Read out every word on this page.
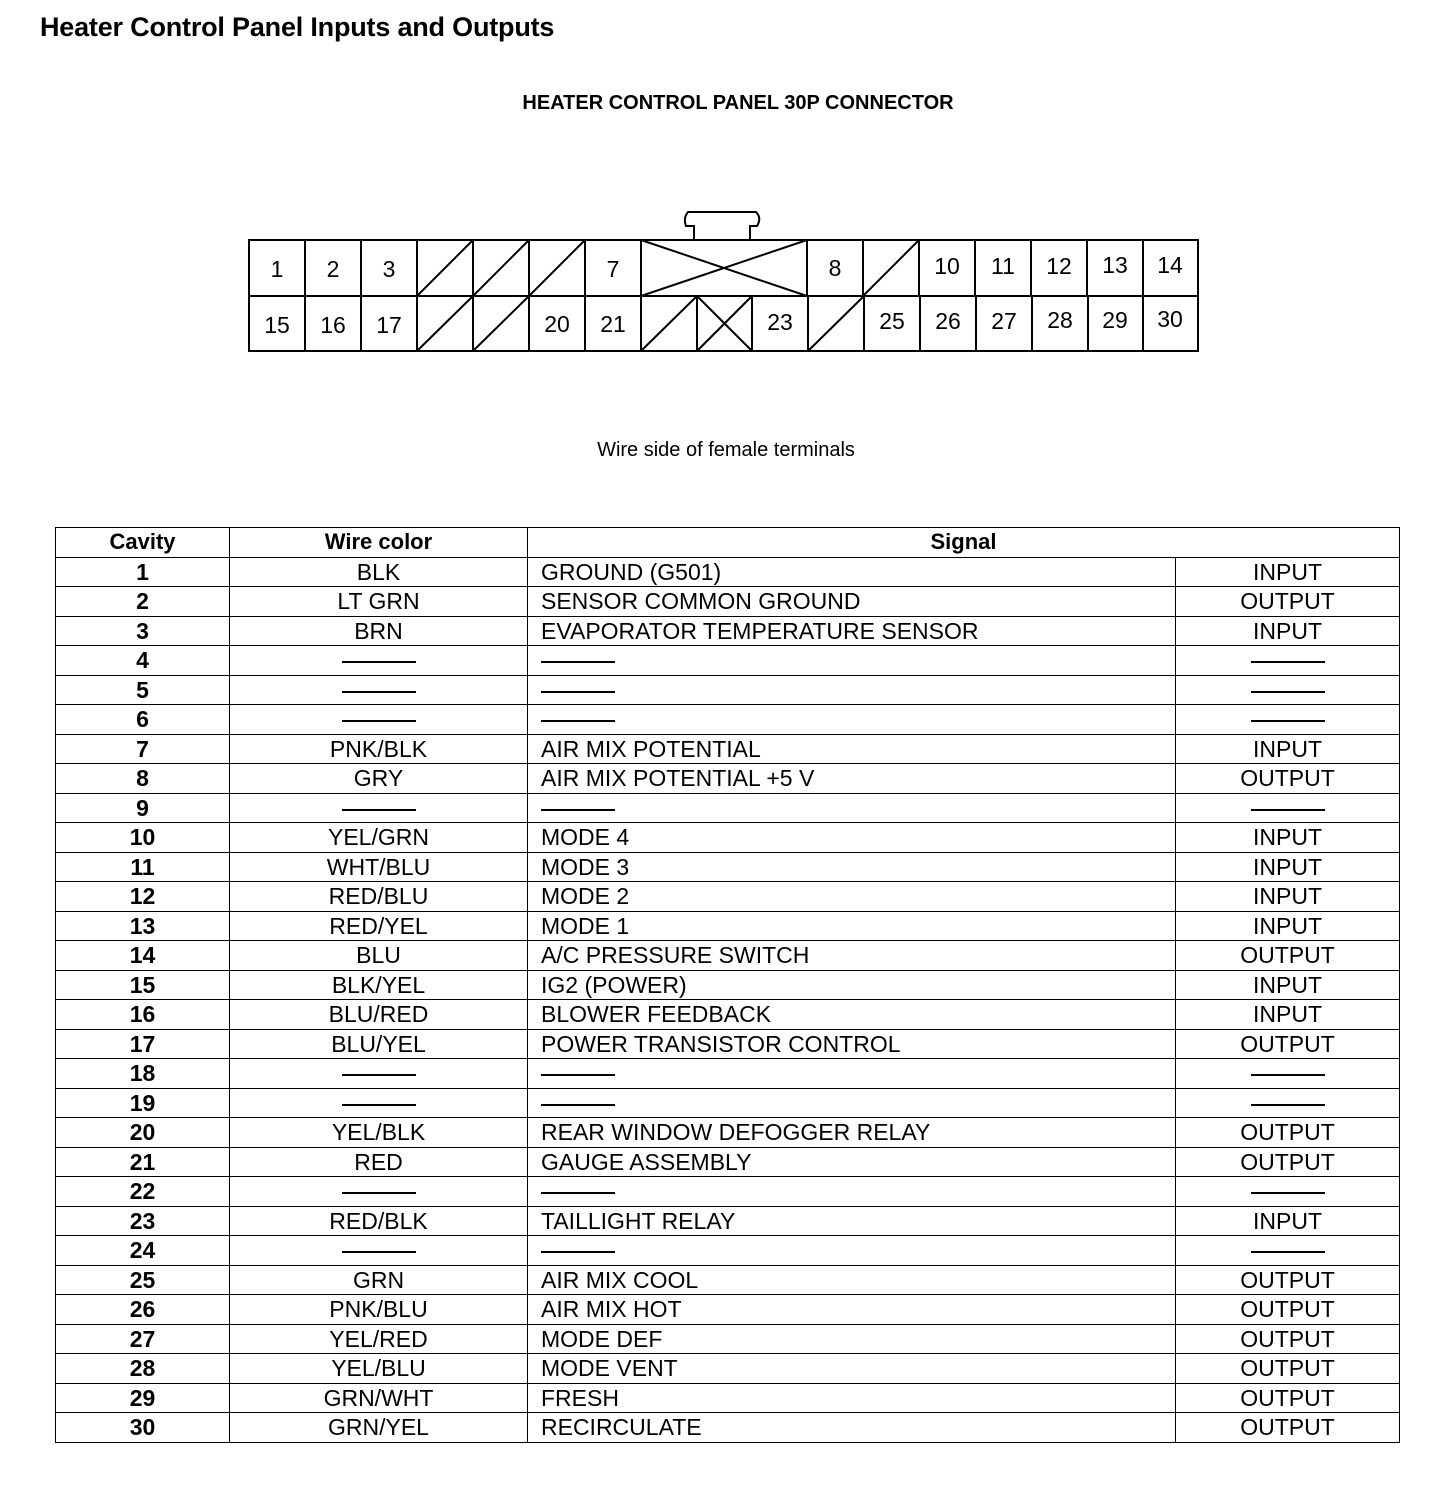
Heater Control Panel Inputs and Outputs
HEATER CONTROL PANEL 30P CONNECTOR
1 2 3	7	8	10 11 12 13 14
15 16 17	20 21	23	25 26 27 28 29 30
Wire side of female terminals
Cavity	Wire color	Signal	
1	BLK	GROUND (G501)	INPUT
2	LT GRN	SENSOR COMMON GROUND	OUTPUT
3	BRN	EVAPORATOR TEMPERATURE SENSOR	INPUT
4			
5			
6			
7	PNK/BLK	AIR MIX POTENTIAL	INPUT
8	GRY	AIR MIX POTENTIAL +5 V	OUTPUT
9			
10	YEL/GRN	MODE 4	INPUT
11	WHT/BLU	MODE 3	INPUT
12	RED/BLU	MODE 2	INPUT
13	RED/YEL	MODE 1	INPUT
14	BLU	A/C PRESSURE SWITCH	OUTPUT
15	BLK/YEL	IG2 (POWER)	INPUT
16	BLU/RED	BLOWER FEEDBACK	INPUT
17	BLU/YEL	POWER TRANSISTOR CONTROL	OUTPUT
18			
19			
20	YEL/BLK	REAR WINDOW DEFOGGER RELAY	OUTPUT
21	RED	GAUGE ASSEMBLY	OUTPUT
22			
23	RED/BLK	TAILLIGHT RELAY	INPUT
24			
25	GRN	AIR MIX COOL	OUTPUT
26	PNK/BLU	AIR MIX HOT	OUTPUT
27	YEL/RED	MODE DEF	OUTPUT
28	YEL/BLU	MODE VENT	OUTPUT
29	GRN/WHT	FRESH	OUTPUT
30	GRN/YEL	RECIRCULATE	OUTPUT
